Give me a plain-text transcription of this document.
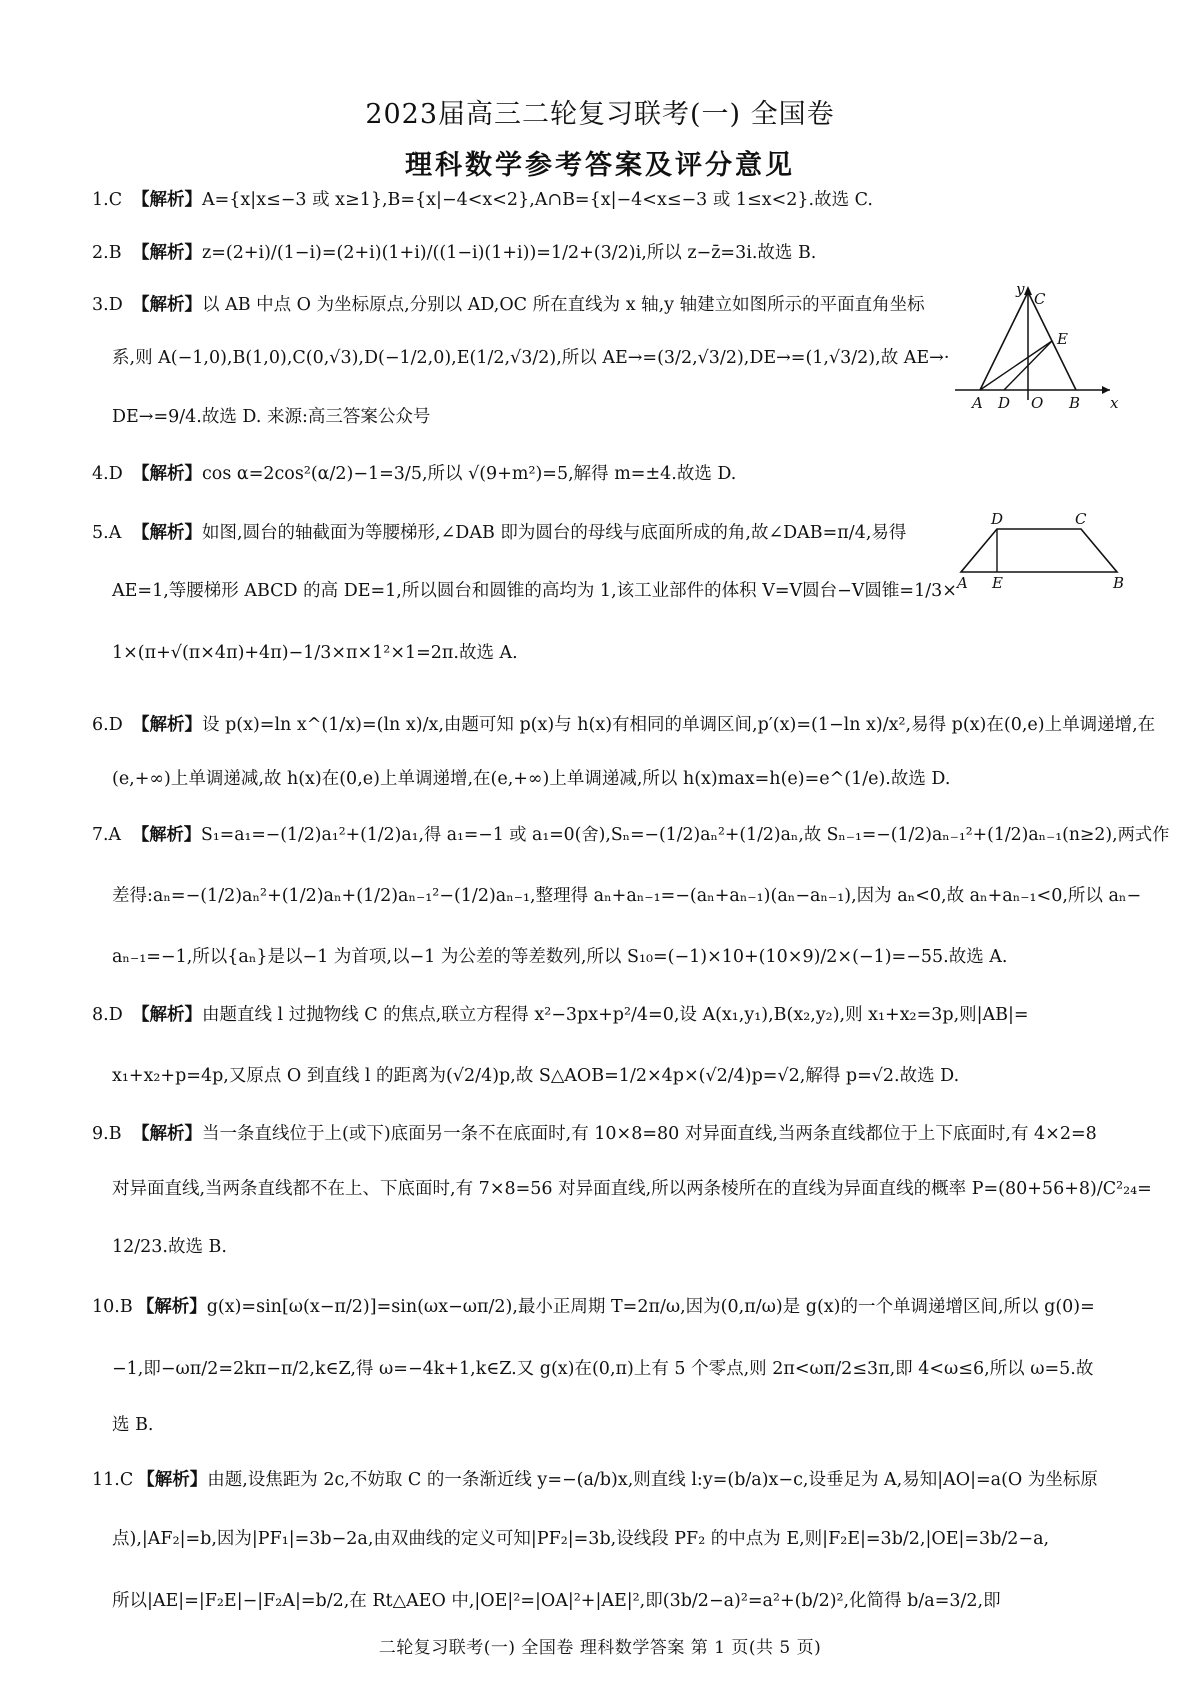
2023届高三二轮复习联考(一) 全国卷
理科数学参考答案及评分意见
1.C 【解析】A={x|x≤−3 或 x≥1},B={x|−4<x<2},A∩B={x|−4<x≤−3 或 1≤x<2}.故选 C.
2.B 【解析】z=(2+i)/(1−i)=(2+i)(1+i)/((1−i)(1+i))=1/2+(3/2)i,所以 z−z̄=3i.故选 B.
3.D 【解析】以 AB 中点 O 为坐标原点,分别以 AD,OC 所在直线为 x 轴,y 轴建立如图所示的平面直角坐标
系,则 A(−1,0),B(1,0),C(0,√3),D(−1/2,0),E(1/2,√3/2),所以 AE→=(3/2,√3/2),DE→=(1,√3/2),故 AE→·
DE→=9/4.故选 D. 来源:高三答案公众号
y
C
E
A D O B x
4.D 【解析】cos α=2cos²(α/2)−1=3/5,所以 √(9+m²)=5,解得 m=±4.故选 D.
5.A 【解析】如图,圆台的轴截面为等腰梯形,∠DAB 即为圆台的母线与底面所成的角,故∠DAB=π/4,易得
AE=1,等腰梯形 ABCD 的高 DE=1,所以圆台和圆锥的高均为 1,该工业部件的体积 V=V圆台−V圆锥=1/3×
1×(π+√(π×4π)+4π)−1/3×π×1²×1=2π.故选 A.
D	C
A E	B
6.D 【解析】设 p(x)=ln x^(1/x)=(ln x)/x,由题可知 p(x)与 h(x)有相同的单调区间,p′(x)=(1−ln x)/x²,易得 p(x)在(0,e)上单调递增,在
(e,+∞)上单调递减,故 h(x)在(0,e)上单调递增,在(e,+∞)上单调递减,所以 h(x)max=h(e)=e^(1/e).故选 D.
7.A 【解析】S₁=a₁=−(1/2)a₁²+(1/2)a₁,得 a₁=−1 或 a₁=0(舍),Sₙ=−(1/2)aₙ²+(1/2)aₙ,故 Sₙ₋₁=−(1/2)aₙ₋₁²+(1/2)aₙ₋₁(n≥2),两式作
差得:aₙ=−(1/2)aₙ²+(1/2)aₙ+(1/2)aₙ₋₁²−(1/2)aₙ₋₁,整理得 aₙ+aₙ₋₁=−(aₙ+aₙ₋₁)(aₙ−aₙ₋₁),因为 aₙ<0,故 aₙ+aₙ₋₁<0,所以 aₙ−
aₙ₋₁=−1,所以{aₙ}是以−1 为首项,以−1 为公差的等差数列,所以 S₁₀=(−1)×10+(10×9)/2×(−1)=−55.故选 A.
8.D 【解析】由题直线 l 过抛物线 C 的焦点,联立方程得 x²−3px+p²/4=0,设 A(x₁,y₁),B(x₂,y₂),则 x₁+x₂=3p,则|AB|=
x₁+x₂+p=4p,又原点 O 到直线 l 的距离为(√2/4)p,故 S△AOB=1/2×4p×(√2/4)p=√2,解得 p=√2.故选 D.
9.B 【解析】当一条直线位于上(或下)底面另一条不在底面时,有 10×8=80 对异面直线,当两条直线都位于上下底面时,有 4×2=8
对异面直线,当两条直线都不在上、下底面时,有 7×8=56 对异面直线,所以两条棱所在的直线为异面直线的概率 P=(80+56+8)/C²₂₄=
12/23.故选 B.
10.B 【解析】g(x)=sin[ω(x−π/2)]=sin(ωx−ωπ/2),最小正周期 T=2π/ω,因为(0,π/ω)是 g(x)的一个单调递增区间,所以 g(0)=
−1,即−ωπ/2=2kπ−π/2,k∈Z,得 ω=−4k+1,k∈Z.又 g(x)在(0,π)上有 5 个零点,则 2π<ωπ/2≤3π,即 4<ω≤6,所以 ω=5.故
选 B.
11.C 【解析】由题,设焦距为 2c,不妨取 C 的一条渐近线 y=−(a/b)x,则直线 l:y=(b/a)x−c,设垂足为 A,易知|AO|=a(O 为坐标原
点),|AF₂|=b,因为|PF₁|=3b−2a,由双曲线的定义可知|PF₂|=3b,设线段 PF₂ 的中点为 E,则|F₂E|=3b/2,|OE|=3b/2−a,
所以|AE|=|F₂E|−|F₂A|=b/2,在 Rt△AEO 中,|OE|²=|OA|²+|AE|²,即(3b/2−a)²=a²+(b/2)²,化简得 b/a=3/2,即
二轮复习联考(一) 全国卷 理科数学答案 第 1 页(共 5 页)
